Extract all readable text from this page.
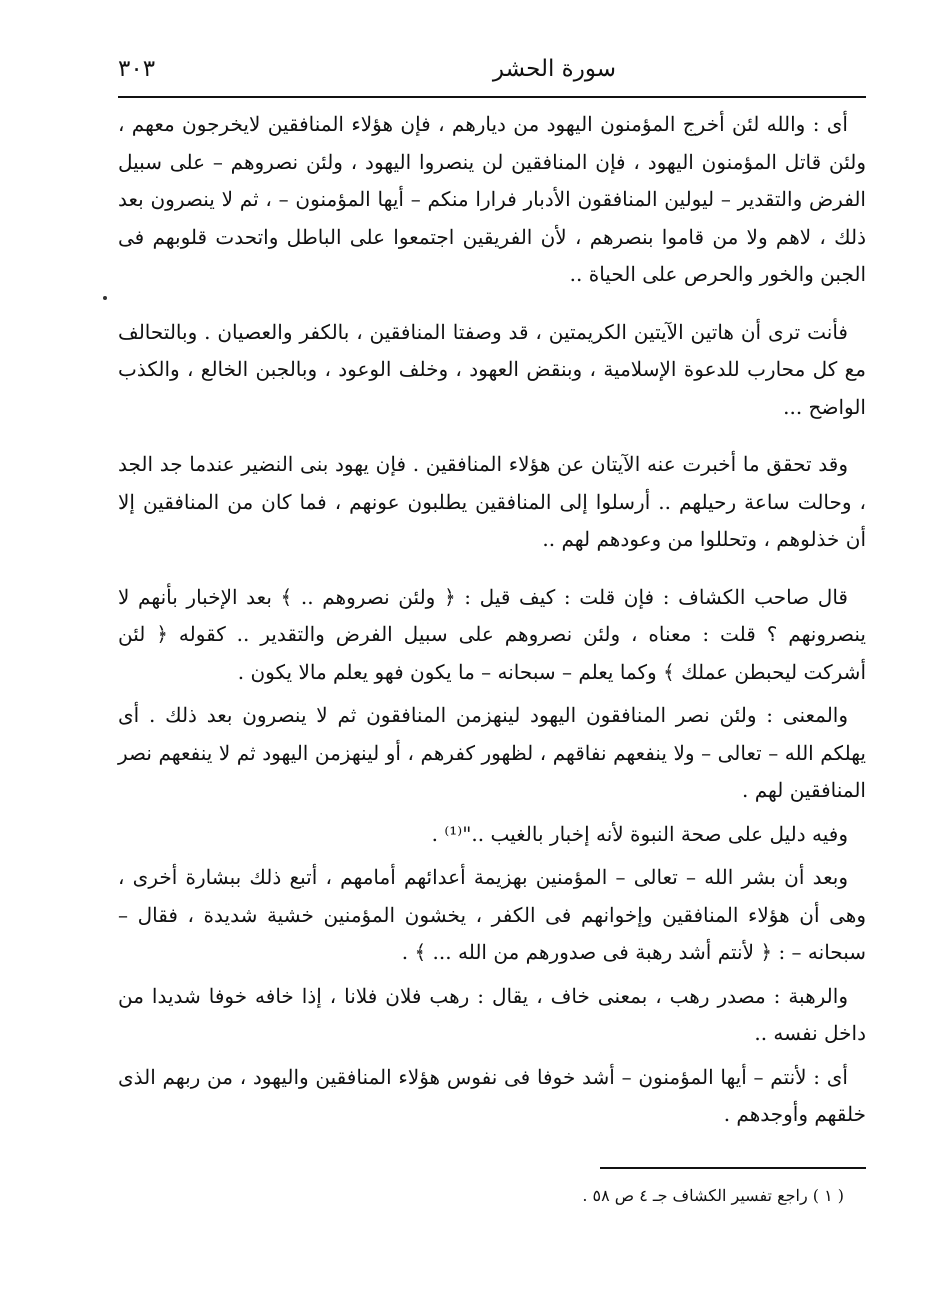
سورة الحشر
٣٠٣

أى : والله لئن أخرج المؤمنون اليهود من ديارهم ، فإن هؤلاء المنافقين لايخرجون معهم ، ولئن قاتل المؤمنون اليهود ، فإن المنافقين لن ينصروا اليهود ، ولئن نصروهم – على سبيل الفرض والتقدير – ليولين المنافقون الأدبار فرارا منكم – أيها المؤمنون – ، ثم لا ينصرون بعد ذلك ، لاهم ولا من قاموا بنصرهم ، لأن الفريقين اجتمعوا على الباطل واتحدت قلوبهم فى الجبن والخور والحرص على الحياة ..

فأنت ترى أن هاتين الآيتين الكريمتين ، قد وصفتا المنافقين ، بالكفر والعصيان . وبالتحالف مع كل محارب للدعوة الإسلامية ، وبنقض العهود ، وخلف الوعود ، وبالجبن الخالع ، والكذب الواضح ...

وقد تحقق ما أخبرت عنه الآيتان عن هؤلاء المنافقين . فإن يهود بنى النضير عندما جد الجد ، وحالت ساعة رحيلهم .. أرسلوا إلى المنافقين يطلبون عونهم ، فما كان من المنافقين إلا أن خذلوهم ، وتحللوا من وعودهم لهم ..

قال صاحب الكشاف : فإن قلت : كيف قيل : ﴿ ولئن نصروهم .. ﴾ بعد الإخبار بأنهم لا ينصرونهم ؟ قلت : معناه ، ولئن نصروهم على سبيل الفرض والتقدير .. كقوله ﴿ لئن أشركت ليحبطن عملك ﴾ وكما يعلم – سبحانه – ما يكون فهو يعلم مالا يكون .

والمعنى : ولئن نصر المنافقون اليهود لينهزمن المنافقون ثم لا ينصرون بعد ذلك . أى يهلكم الله – تعالى – ولا ينفعهم نفاقهم ، لظهور كفرهم ، أو لينهزمن اليهود ثم لا ينفعهم نصر المنافقين لهم .

وفيه دليل على صحة النبوة لأنه إخبار بالغيب .."⁽¹⁾ .

وبعد أن بشر الله – تعالى – المؤمنين بهزيمة أعدائهم أمامهم ، أتبع ذلك ببشارة أخرى ، وهى أن هؤلاء المنافقين وإخوانهم فى الكفر ، يخشون المؤمنين خشية شديدة ، فقال – سبحانه – : ﴿ لأنتم أشد رهبة فى صدورهم من الله ... ﴾ .

والرهبة : مصدر رهب ، بمعنى خاف ، يقال : رهب فلان فلانا ، إذا خافه خوفا شديدا من داخل نفسه ..

أى : لأنتم – أيها المؤمنون – أشد خوفا فى نفوس هؤلاء المنافقين واليهود ، من ربهم الذى خلقهم وأوجدهم .

( ١ ) راجع تفسير الكشاف جـ ٤ ص ٥٨ .
